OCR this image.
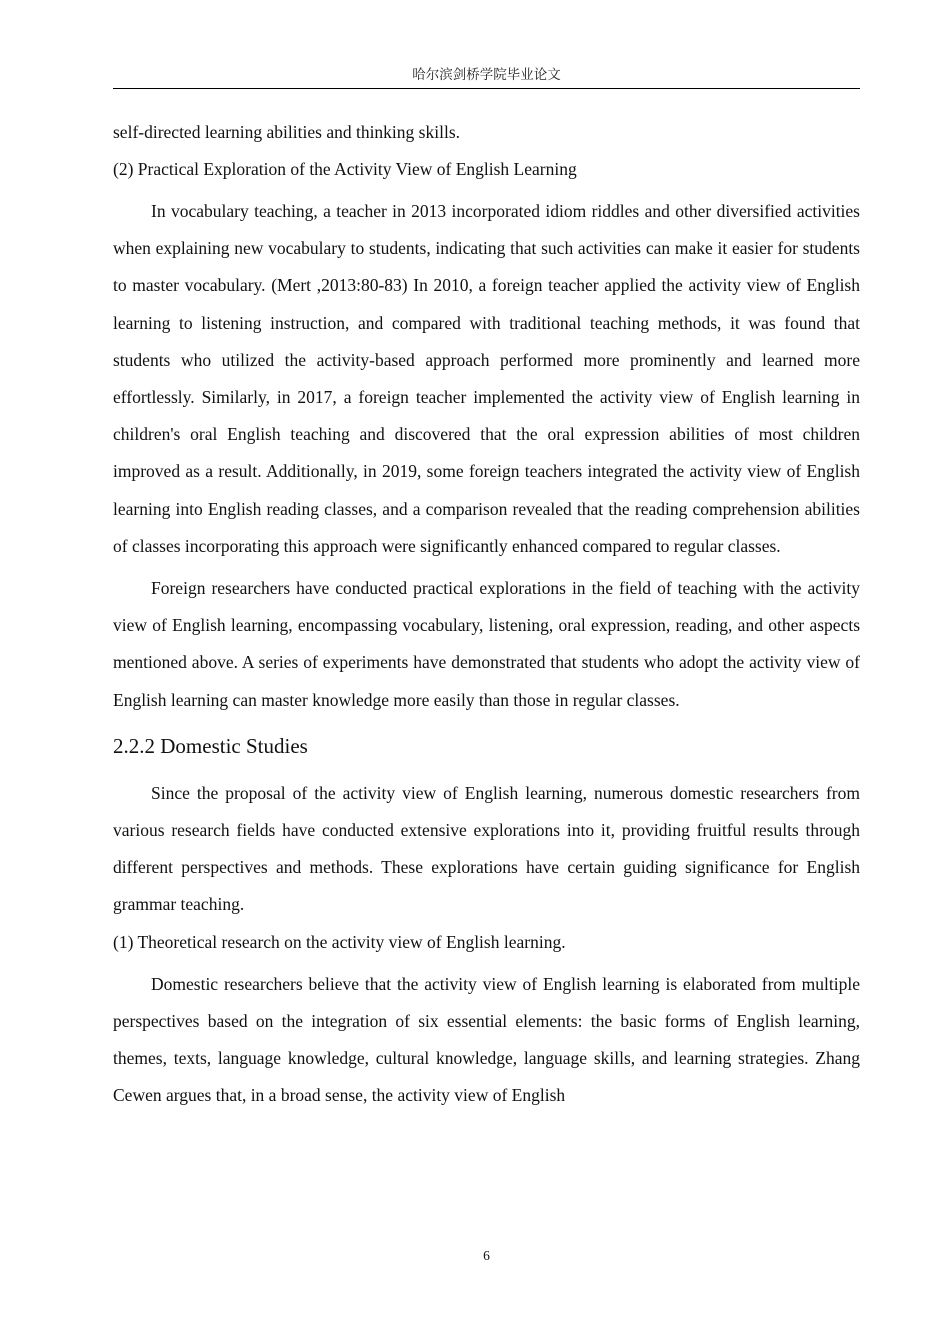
哈尔滨剑桥学院毕业论文

self-directed learning abilities and thinking skills.

(2) Practical Exploration of the Activity View of English Learning

In vocabulary teaching, a teacher in 2013 incorporated idiom riddles and other diversified activities when explaining new vocabulary to students, indicating that such activities can make it easier for students to master vocabulary. (Mert ,2013:80-83) In 2010, a foreign teacher applied the activity view of English learning to listening instruction, and compared with traditional teaching methods, it was found that students who utilized the activity-based approach performed more prominently and learned more effortlessly. Similarly, in 2017, a foreign teacher implemented the activity view of English learning in children's oral English teaching and discovered that the oral expression abilities of most children improved as a result. Additionally, in 2019, some foreign teachers integrated the activity view of English learning into English reading classes, and a comparison revealed that the reading comprehension abilities of classes incorporating this approach were significantly enhanced compared to regular classes.

Foreign researchers have conducted practical explorations in the field of teaching with the activity view of English learning, encompassing vocabulary, listening, oral expression, reading, and other aspects mentioned above. A series of experiments have demonstrated that students who adopt the activity view of English learning can master knowledge more easily than those in regular classes.

2.2.2 Domestic Studies

Since the proposal of the activity view of English learning, numerous domestic researchers from various research fields have conducted extensive explorations into it, providing fruitful results through different perspectives and methods. These explorations have certain guiding significance for English grammar teaching.

(1) Theoretical research on the activity view of English learning.

Domestic researchers believe that the activity view of English learning is elaborated from multiple perspectives based on the integration of six essential elements: the basic forms of English learning, themes, texts, language knowledge, cultural knowledge, language skills, and learning strategies. Zhang Cewen argues that, in a broad sense, the activity view of English

6
